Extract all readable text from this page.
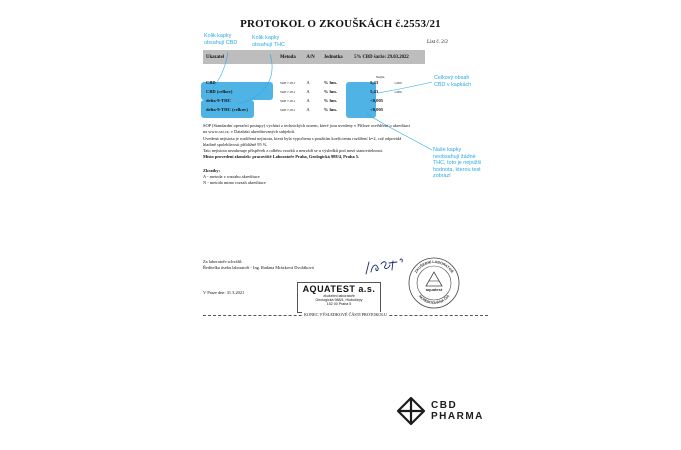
PROTOKOL O ZKOUŠKÁCH č.2553/21
List č. 2/2
Ukazatel	Metoda	A/N	Jednotka	5% CBD šarže: 29.03.2022

CBD	SOP 7.18.1	A	% hm.	5,43 1,000
CBD (celkov)	SOP 7.18.1	A	% hm.	5,43 1,000
delta-9-THC	SOP 7.18.1	A	% hm.	<0,005
delta-9-THC (celkov)	SOP 7.18.1	A	% hm.	<0,005
Nejist.
Kolik kapky obsahují CBD
Kolik kapky obsahují THC
Celkový obsah CBD v kapkách
Naše kapky neobsahují žádné THC, toto je nejnižší hodnota, kterou test zobrazí

SOP (Standardní operační postupy) vychází z technických norem, které jsou uvedeny v Příloze osvědčení o akreditaci

na www.cai.cz, v Databázi akreditovaných subjektů.

Uvedená nejistota je rozšířená nejistota, která byla vypočtena s použitím koeficientu rozšíření k=2, což odpovídá

hladině spolehlivosti přibližně 95 %.

Tato nejistota nezahrnuje příspěvek z odběru vzorků a neuvádí se u výsledků pod mezí stanovitelnosti.

Místo provedení zkoušek: pracoviště Laboratoře Praha, Geologická 988/4, Praha 5.

Zkratky:

A - metoda v rozsahu akreditace

N - metoda mimo rozsah akreditace

Za laboratoře schválil:
Ředitelka úseku laboratoří - Ing. Radana Mrázková Dvořáková
V Praze dne: 31.3.2021	AQUATEST a.s.
zkušební laboratoře
Geologická 988/4, Hlubočepy
152 00 Praha 5
ZKUŠEBNÍ LABORATOŘ
AKREDITOVÁNA ČIA
aquatest
KONEC VÝSLEDKOVÉ ČÁSTI PROTOKOLU
CBD
PHARMA
